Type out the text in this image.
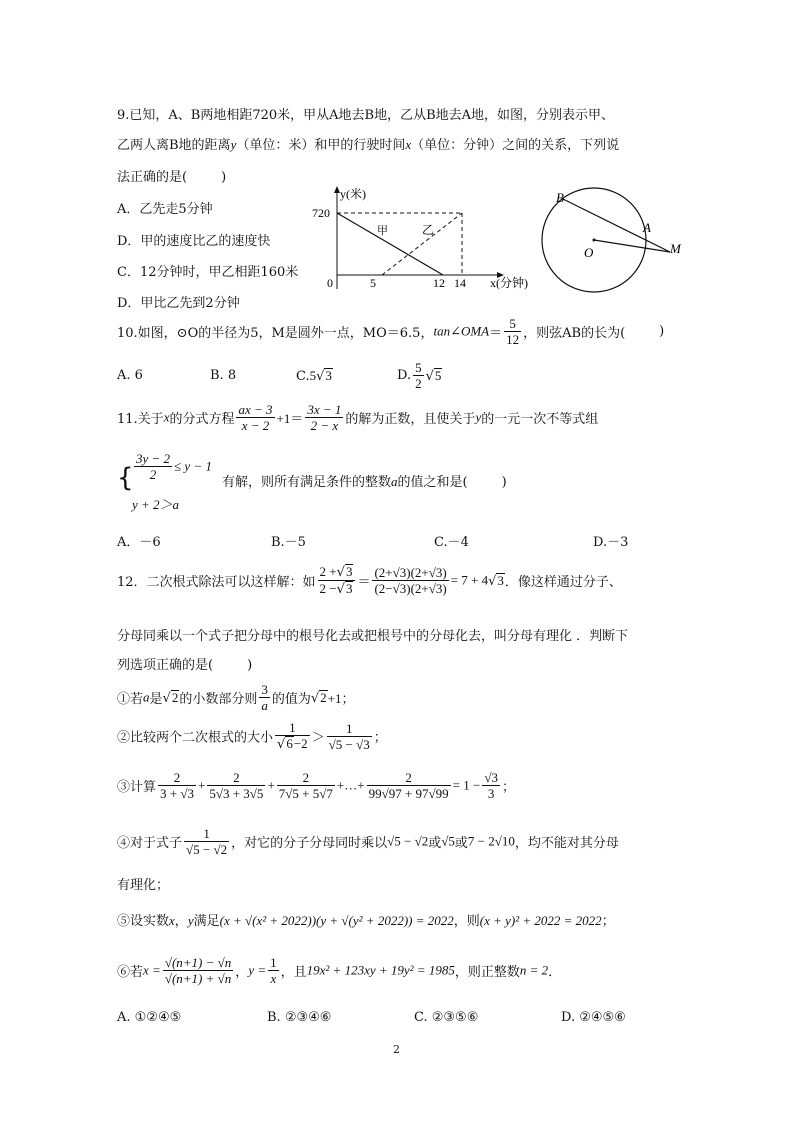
9.已知，A、B两地相距720米，甲从A地去B地，乙从B地去A地，如图，分别表示甲、
乙两人离B地的距离y（单位：米）和甲的行驶时间x（单位：分钟）之间的关系，下列说
法正确的是(	)
A．乙先走5分钟
D．甲的速度比乙的速度快
C．12分钟时，甲乙相距160米
D．甲比乙先到2分钟
y(米)
720
0	5	12 14 x(分钟)
甲	乙
B
A
O	M
10.如图，⊙O的半径为5，M是圆外一点，MO＝6.5，tan∠OMA＝ $\frac{5}{12}$ ，则弦AB的长为(	)
A. 6	B. 8	C.5√3	D. $\frac{5}{2} √5$
11.关于x的分式方程 $\frac{ax - 3}{x - 2} +1= \frac{3x - 1}{2 - x}$ 的解为正数，且使关于y的一元一次不等式组
{ $\frac{3y - 2}{2} \le y - 1$
y + 2＞a
有解，则所有满足条件的整数a的值之和是(	)
A．－6	B.－5	C.－4	D.－3
12．二次根式除法可以这样解：如 $\frac{2 +√3}{2 -√3} = \frac{(2+√3)(2+√3)}{(2-√3)(2+√3)} = 7 + 4√3$．像这样通过分子、
分母同乘以一个式子把分母中的根号化去或把根号中的分母化去，叫分母有理化 ．判断下
列选项正确的是(	)
①若a是√2的小数部分则 $\frac{3}{a}$ 的值为√2+1；
②比较两个二次根式的大小 $\frac{1}{√6-2} > \frac{1}{√5 - √3}$ ；
③计算 $\frac{2}{3 + √3} + \frac{2}{5√3 + 3√5} + \frac{2}{7√5 + 5√7}$ +…+ $\frac{2}{99√97 + 97√99} = 1 - \frac{√3}{3}$ ；
④对于式子 $\frac{1}{√5 - √2}$ ，对它的分子分母同时乘以√5 − √2或√5或7 − 2√10，均不能对其分母
有理化；
⑤设实数x，y满足(x + √(x² + 2022))(y + √(y² + 2022)) = 2022，则(x + y)² + 2022 = 2022；
⑥若$x = \frac{√(n+1) - √n}{√(n+1) + √n}$ ，$y = \frac{1}{x}$ ，且19x² + 123xy + 19y² = 1985，则正整数n = 2．
A. ①②④⑤	B. ②③④⑥	C. ②③⑤⑥	D. ②④⑤⑥
2
